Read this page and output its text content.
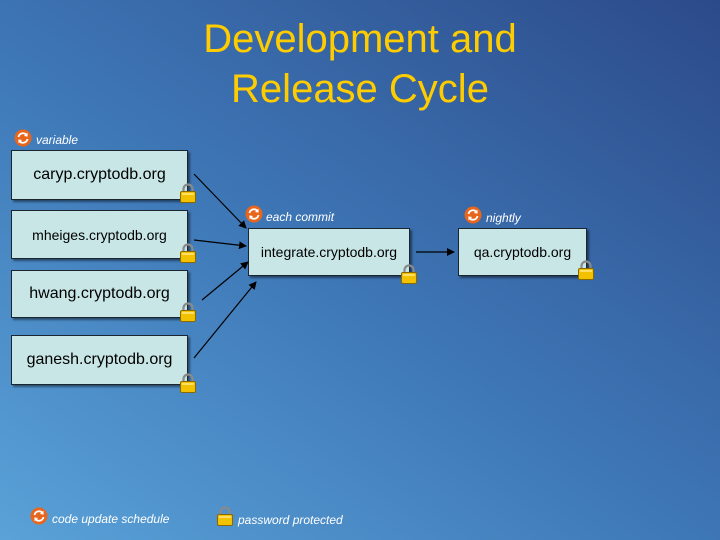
Development and
Release Cycle
variable
caryp.cryptodb.org
mheiges.cryptodb.org
hwang.cryptodb.org
ganesh.cryptodb.org
each commit
integrate.cryptodb.org
nightly
qa.cryptodb.org
code update schedule	password protected
